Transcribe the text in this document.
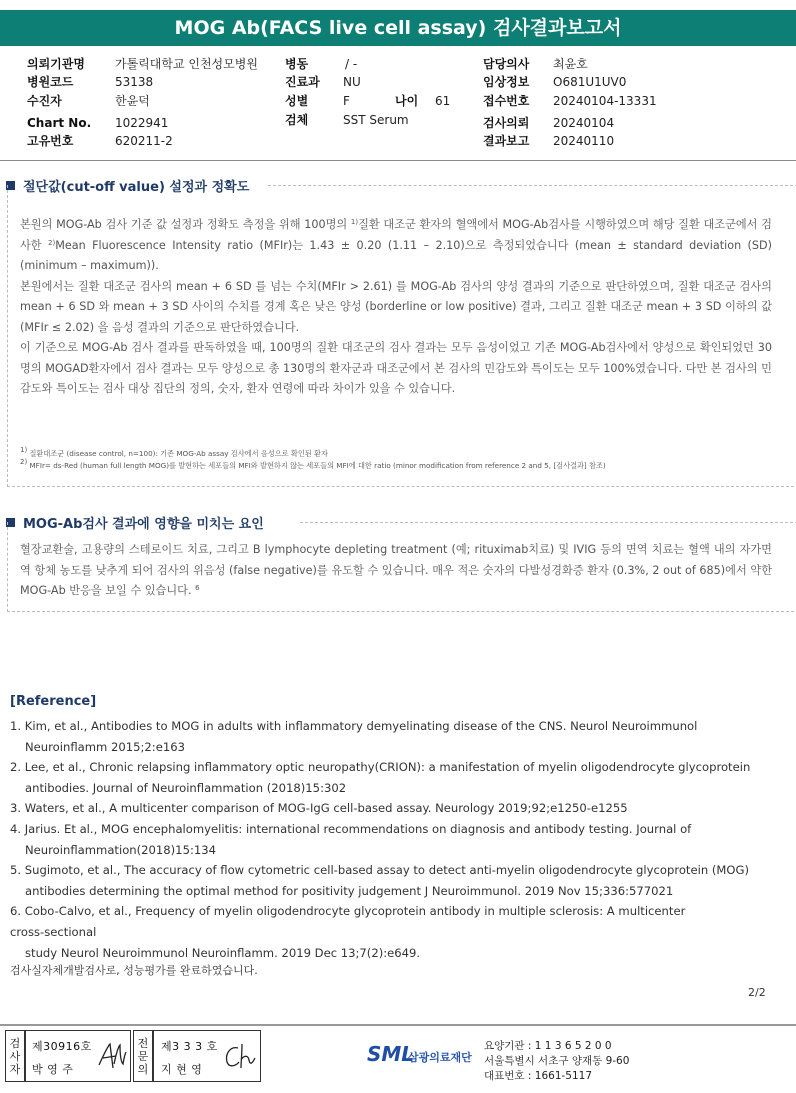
MOG Ab(FACS live cell assay) 검사결과보고서
의뢰기관명	가톨릭대학교 인천성모병원
병원코드	53138
수진자	한윤덕
Chart No. 1022941
고유번호	620211-2
병동	/ -
진료과 NU
성별	F	나이 61
검체	SST Serum
담당의사 최윤호
임상정보 O681U1UV0
접수번호 20240104-13331
검사의뢰 20240104
결과보고 20240110
절단값(cut-off value) 설정과 정확도

본원의 MOG-Ab 검사 기준 값 설정과 정확도 측정을 위해 100명의 $^{1)}$질환 대조군 환자의 혈액에서 MOG-Ab검사를 시행하였으며 해당 질환 대조군에서 검사한 $^{2)}$Mean Fluorescence Intensity ratio (MFIr)는 1.43 ± 0.20 (1.11 – 2.10)으로 측정되었습니다 (mean ± standard deviation (SD) (minimum – maximum)).

본원에서는 질환 대조군 검사의 mean + 6 SD 를 넘는 수치(MFIr > 2.61) 를 MOG-Ab 검사의 양성 결과의 기준으로 판단하였으며, 질환 대조군 검사의 mean + 6 SD 와 mean + 3 SD 사이의 수치를 경계 혹은 낮은 양성 (borderline or low positive) 결과, 그리고 질환 대조군 mean + 3 SD 이하의 값 (MFIr ≤ 2.02) 을 음성 결과의 기준으로 판단하였습니다.

이 기준으로 MOG-Ab 검사 결과를 판독하였을 때, 100명의 질환 대조군의 검사 결과는 모두 음성이었고 기존 MOG-Ab검사에서 양성으로 확인되었던 30명의 MOGAD환자에서 검사 결과는 모두 양성으로 총 130명의 환자군과 대조군에서 본 검사의 민감도와 특이도는 모두 100%였습니다. 다만 본 검사의 민감도와 특이도는 검사 대상 집단의 정의, 숫자, 환자 연령에 따라 차이가 있을 수 있습니다.

$^{1)}$ 질환대조군 (disease control, n=100): 기존 MOG-Ab assay 검사에서 음성으로 확인된 환자
$^{2)}$ MFIr= ds-Red (human full length MOG)를 발현하는 세포들의 MFI와 발현하지 않는 세포들의 MFI에 대한 ratio (minor modification from reference 2 and 5, [검사결과] 참조)
MOG-Ab검사 결과에 영향을 미치는 요인

혈장교환술, 고용량의 스테로이드 치료, 그리고 B lymphocyte depleting treatment (예; rituximab치료) 및 IVIG 등의 면역 치료는 혈액 내의 자가면역 항체 농도를 낮추게 되어 검사의 위음성 (false negative)를 유도할 수 있습니다. 매우 적은 숫자의 다발성경화증 환자 (0.3%, 2 out of 685)에서 약한 MOG-Ab 반응을 보일 수 있습니다. $^6$

[Reference]
1. Kim, et al., Antibodies to MOG in adults with inflammatory demyelinating disease of the CNS. Neurol Neuroimmunol
Neuroinflamm 2015;2:e163
2. Lee, et al., Chronic relapsing inflammatory optic neuropathy(CRION): a manifestation of myelin oligodendrocyte glycoprotein
antibodies. Journal of Neuroinflammation (2018)15:302
3. Waters, et al., A multicenter comparison of MOG-IgG cell-based assay. Neurology 2019;92;e1250-e1255
4. Jarius. Et al., MOG encephalomyelitis: international recommendations on diagnosis and antibody testing. Journal of
Neuroinflammation(2018)15:134
5. Sugimoto, et al., The accuracy of flow cytometric cell-based assay to detect anti-myelin oligodendrocyte glycoprotein (MOG)
antibodies determining the optimal method for positivity judgement J Neuroimmunol. 2019 Nov 15;336:577021
6. Cobo-Calvo, et al., Frequency of myelin oligodendrocyte glycoprotein antibody in multiple sclerosis: A multicenter
cross-sectional
study Neurol Neuroimmunol Neuroinflamm. 2019 Dec 13;7(2):e649.
검사실자체개발검사로, 성능평가를 완료하였습니다.
2/2
검사자
제30916호
박 영 주
전문의
제3 3 3 호
지 현 영
SML
삼광의료재단
요양기관 : 1 1 3 6 5 2 0 0
서울특별시 서초구 양재동 9-60
대표번호 : 1661-5117
